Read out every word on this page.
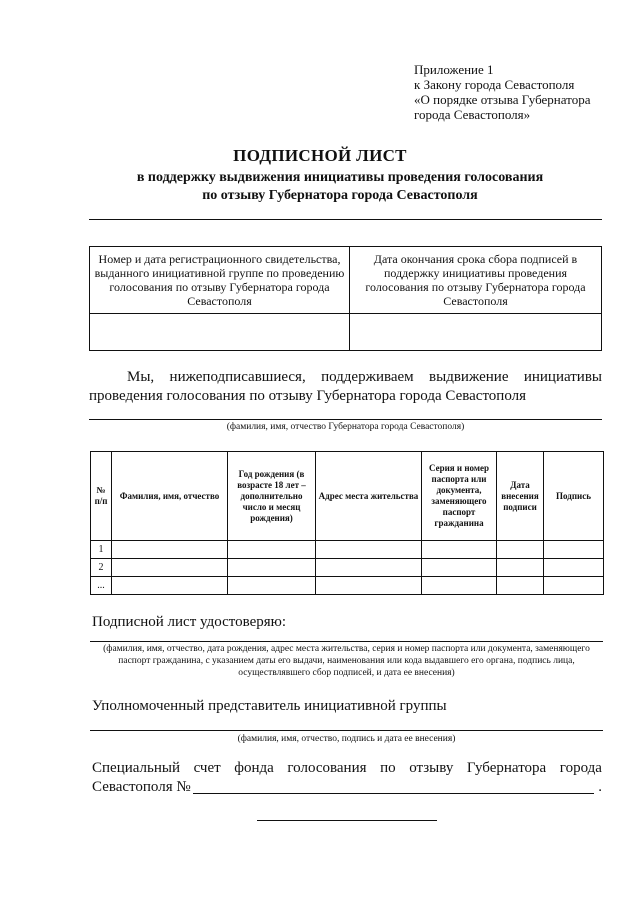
Приложение 1
к Закону города Севастополя
«О порядке отзыва Губернатора
города Севастополя»
ПОДПИСНОЙ ЛИСТ
в поддержку выдвижения инициативы проведения голосования
по отзыву Губернатора города Севастополя
Номер и дата регистрационного свидетельства, выданного инициативной группе по проведению голосования по отзыву Губернатора города Севастополя	Дата окончания срока сбора подписей в поддержку инициативы проведения голосования по отзыву Губернатора города Севастополя

Мы, нижеподписавшиеся, поддерживаем выдвижение инициативы проведения голосования по отзыву Губернатора города Севастополя
(фамилия, имя, отчество Губернатора города Севастополя)
№ п/п	Фамилия, имя, отчество	Год рождения (в возрасте 18 лет – дополнительно число и месяц рождения)	Адрес места жительства	Серия и номер паспорта или документа, заменяющего паспорт гражданина	Дата внесения подписи	Подпись
1						
2						
...						
Подписной лист удостоверяю:
(фамилия, имя, отчество, дата рождения, адрес места жительства, серия и номер паспорта или документа, заменяющего паспорт гражданина, с указанием даты его выдачи, наименования или кода выдавшего его органа, подпись лица, осуществлявшего сбор подписей, и дата ее внесения)
Уполномоченный представитель инициативной группы
(фамилия, имя, отчество, подпись и дата ее внесения)
Специальный счет фонда голосования по отзыву Губернатора города
Севастополя №	.
